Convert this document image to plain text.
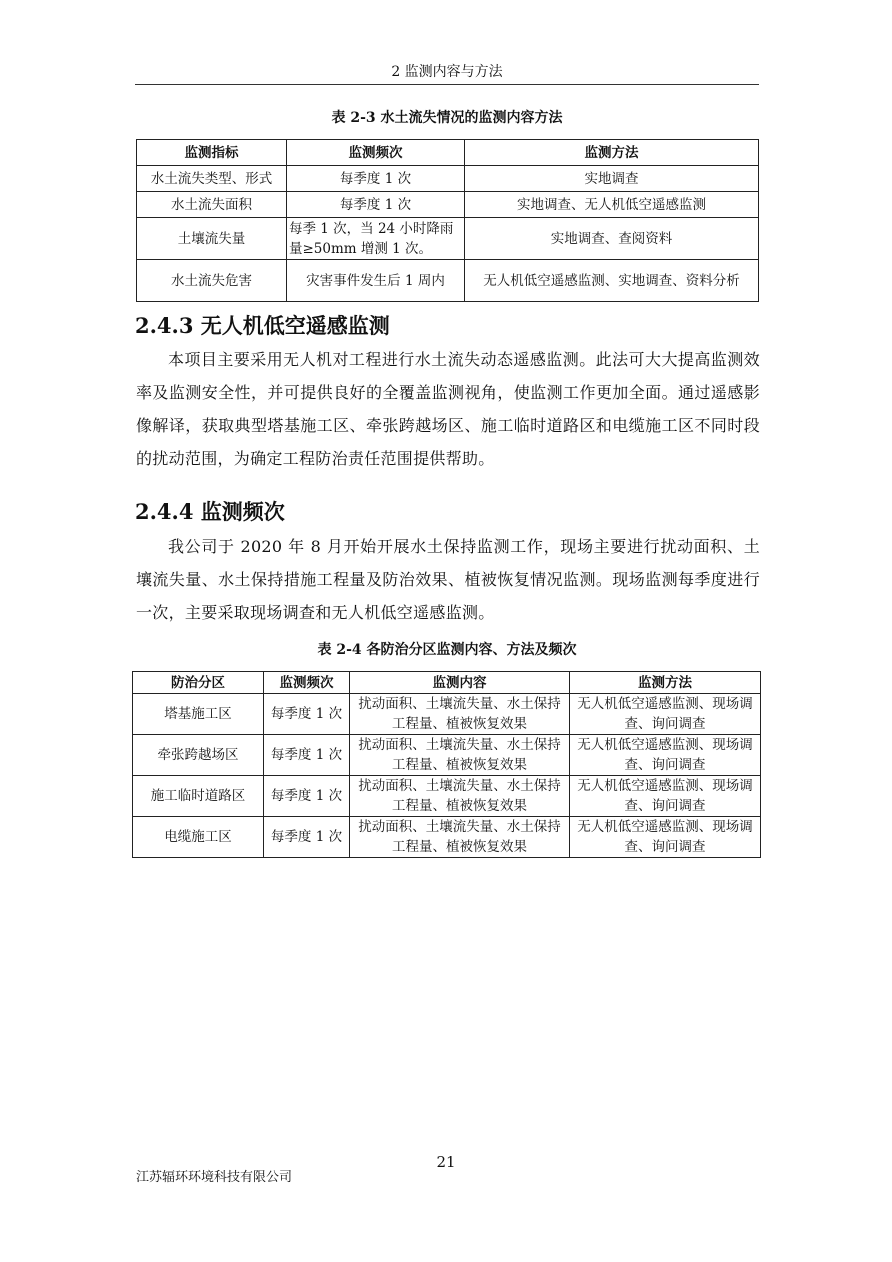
2 监测内容与方法
表 2-3 水土流失情况的监测内容方法
监测指标	监测频次	监测方法
水土流失类型、形式	每季度 1 次	实地调查
水土流失面积	每季度 1 次	实地调查、无人机低空遥感监测
土壤流失量	每季 1 次，当 24 小时降雨量≥50mm 增测 1 次。	实地调查、查阅资料
水土流失危害	灾害事件发生后 1 周内	无人机低空遥感监测、实地调查、资料分析
2.4.3 无人机低空遥感监测

本项目主要采用无人机对工程进行水土流失动态遥感监测。此法可大大提高监测效率及监测安全性，并可提供良好的全覆盖监测视角，使监测工作更加全面。通过遥感影像解译，获取典型塔基施工区、牵张跨越场区、施工临时道路区和电缆施工区不同时段的扰动范围，为确定工程防治责任范围提供帮助。

2.4.4 监测频次

我公司于 2020 年 8 月开始开展水土保持监测工作，现场主要进行扰动面积、土壤流失量、水土保持措施工程量及防治效果、植被恢复情况监测。现场监测每季度进行一次，主要采取现场调查和无人机低空遥感监测。

表 2-4 各防治分区监测内容、方法及频次
防治分区	监测频次	监测内容	监测方法
塔基施工区	每季度 1 次	扰动面积、土壤流失量、水土保持工程量、植被恢复效果	无人机低空遥感监测、现场调查、询问调查
牵张跨越场区	每季度 1 次	扰动面积、土壤流失量、水土保持工程量、植被恢复效果	无人机低空遥感监测、现场调查、询问调查
施工临时道路区	每季度 1 次	扰动面积、土壤流失量、水土保持工程量、植被恢复效果	无人机低空遥感监测、现场调查、询问调查
电缆施工区	每季度 1 次	扰动面积、土壤流失量、水土保持工程量、植被恢复效果	无人机低空遥感监测、现场调查、询问调查
21
江苏辐环环境科技有限公司
